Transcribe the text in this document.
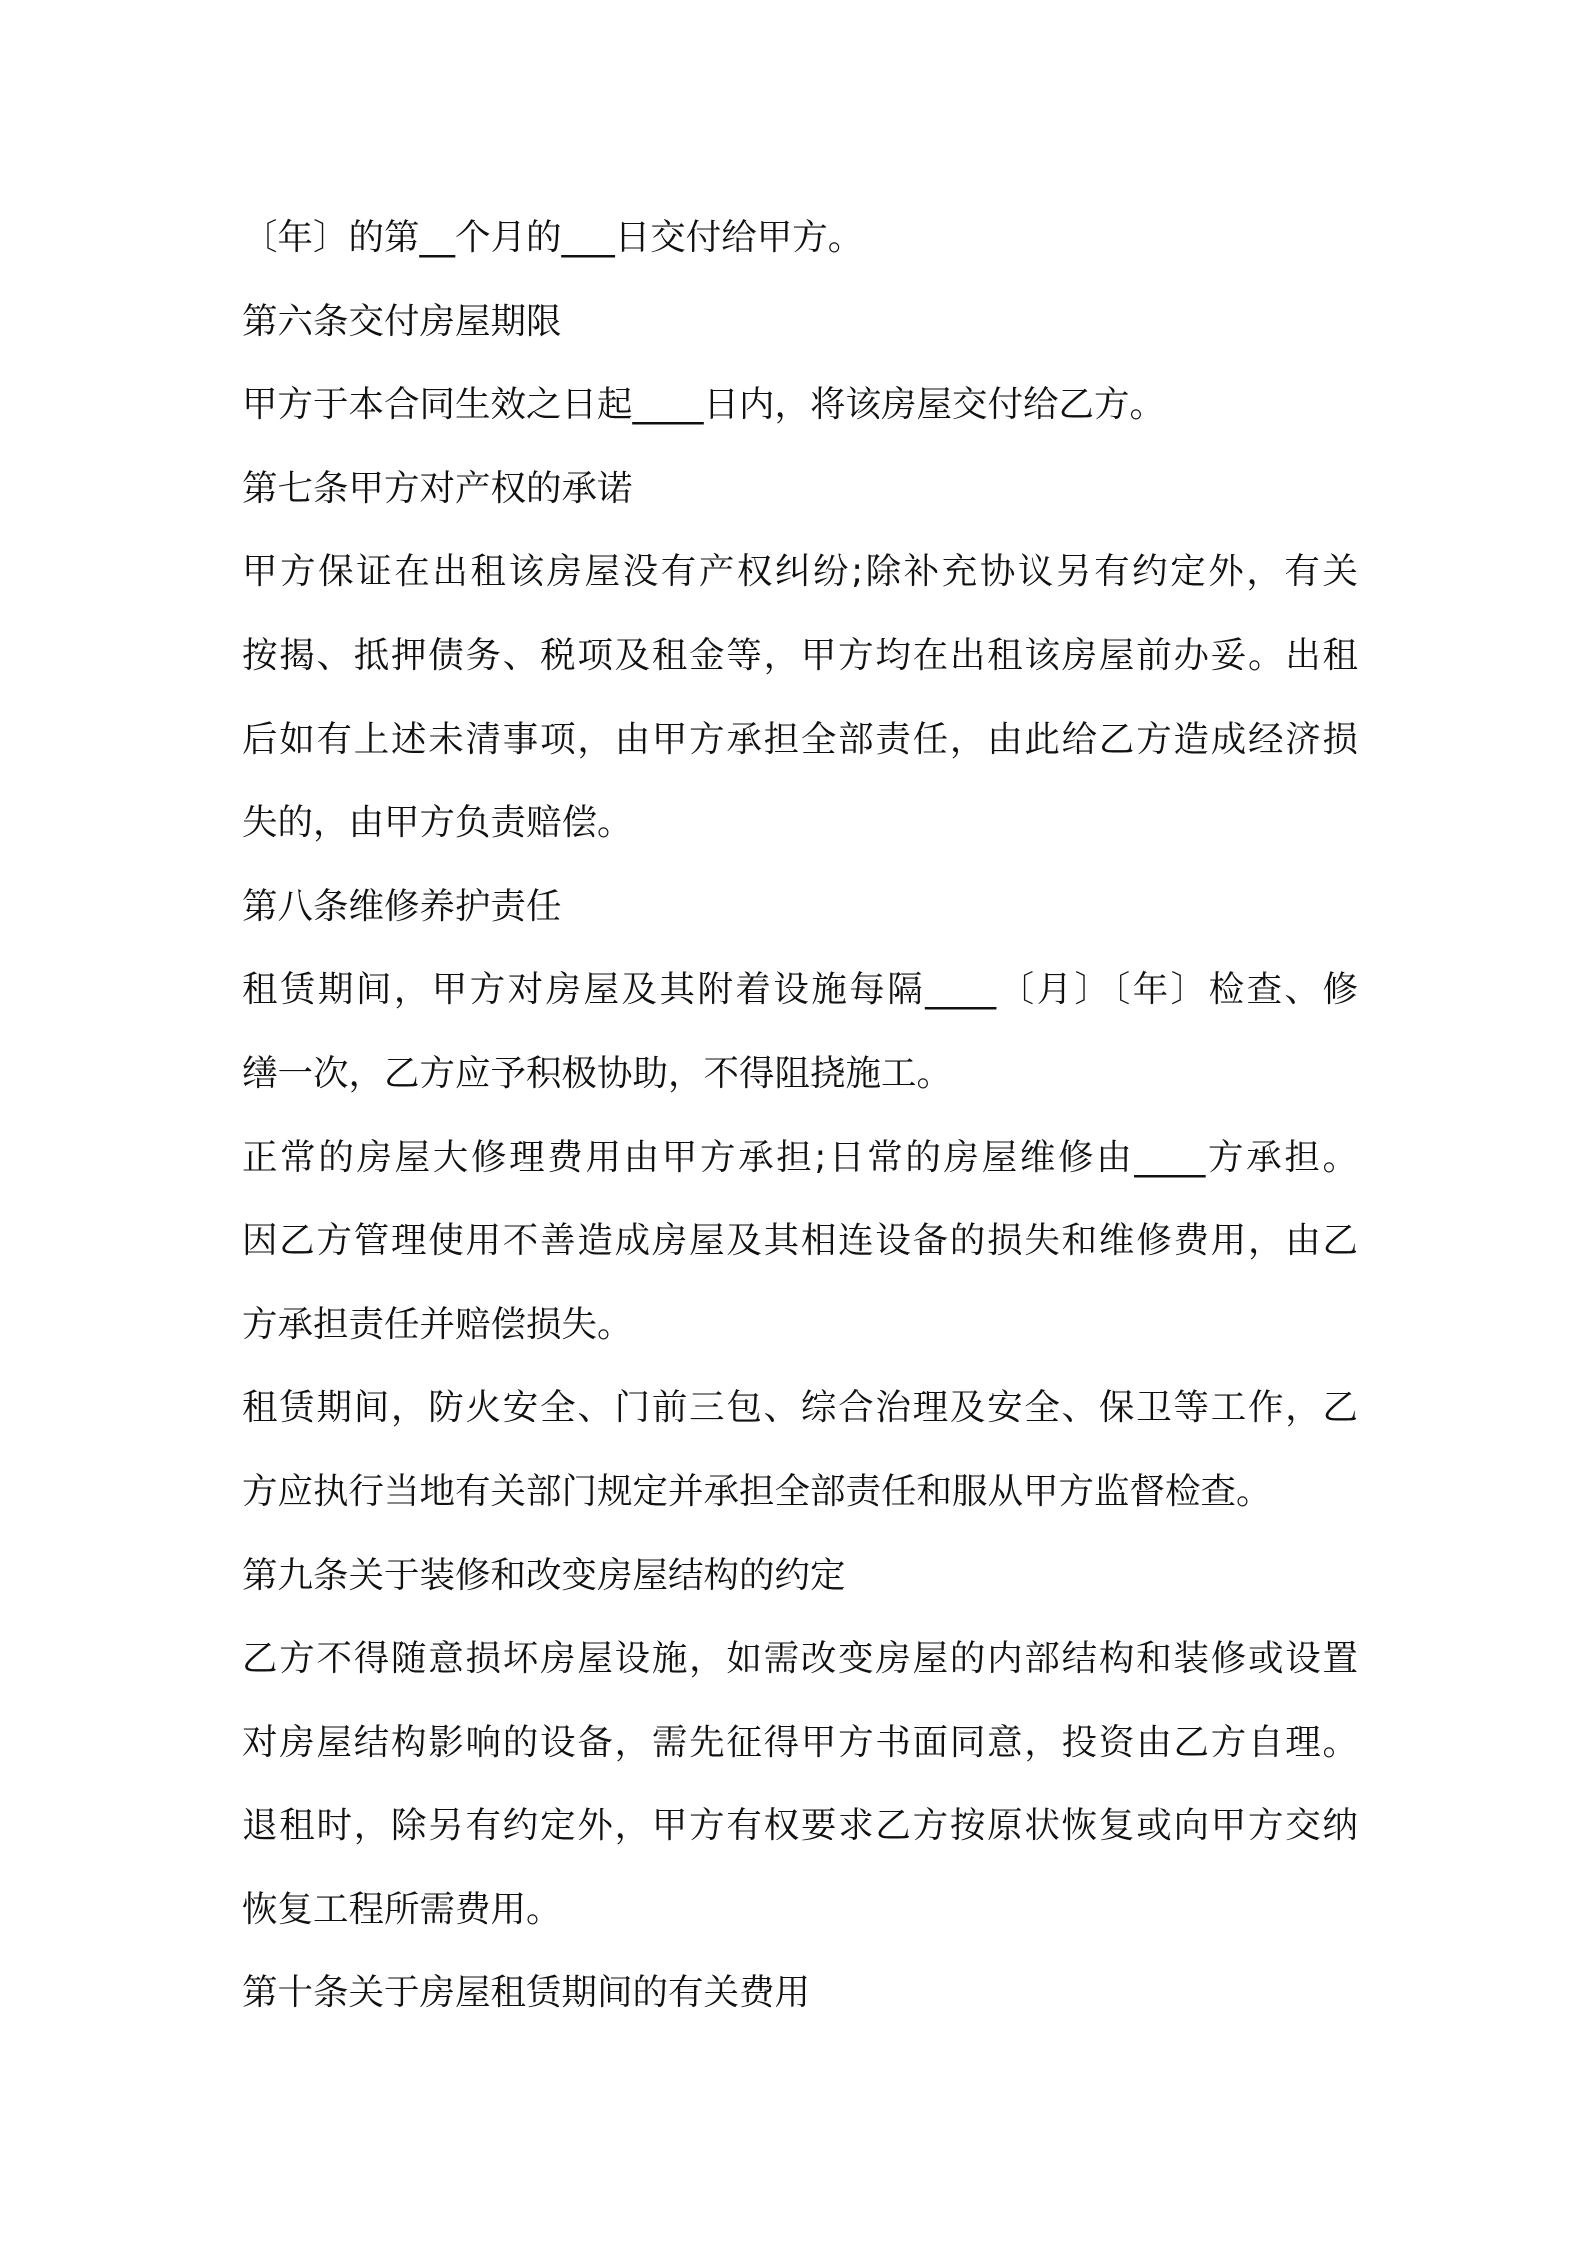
〔年〕的第__个月的___日交付给甲方。
第六条交付房屋期限
甲方于本合同生效之日起____日内，将该房屋交付给乙方。
第七条甲方对产权的承诺
甲方保证在出租该房屋没有产权纠纷;除补充协议另有约定外，有关
按揭、抵押债务、税项及租金等，甲方均在出租该房屋前办妥。出租
后如有上述未清事项，由甲方承担全部责任，由此给乙方造成经济损
失的，由甲方负责赔偿。
第八条维修养护责任
租赁期间，甲方对房屋及其附着设施每隔____〔月〕〔年〕检查、修
缮一次，乙方应予积极协助，不得阻挠施工。
正常的房屋大修理费用由甲方承担;日常的房屋维修由____方承担。
因乙方管理使用不善造成房屋及其相连设备的损失和维修费用，由乙
方承担责任并赔偿损失。
租赁期间，防火安全、门前三包、综合治理及安全、保卫等工作，乙
方应执行当地有关部门规定并承担全部责任和服从甲方监督检查。
第九条关于装修和改变房屋结构的约定
乙方不得随意损坏房屋设施，如需改变房屋的内部结构和装修或设置
对房屋结构影响的设备，需先征得甲方书面同意，投资由乙方自理。
退租时，除另有约定外，甲方有权要求乙方按原状恢复或向甲方交纳
恢复工程所需费用。
第十条关于房屋租赁期间的有关费用
